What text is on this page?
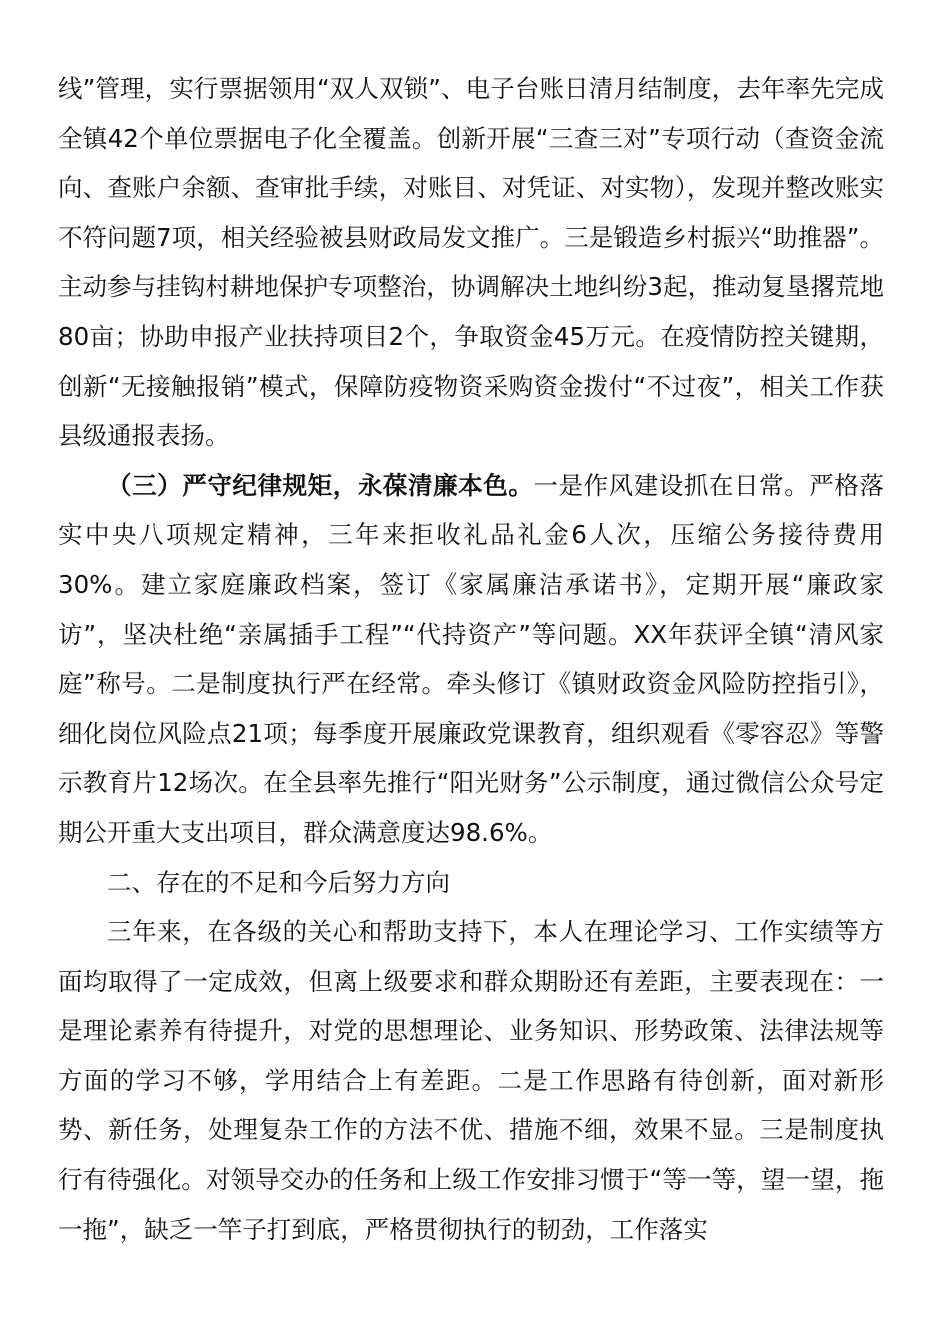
线”管理，实行票据领用“双人双锁”、电子台账日清月结制度，去年率先完成全镇42个单位票据电子化全覆盖。创新开展“三查三对”专项行动（查资金流向、查账户余额、查审批手续，对账目、对凭证、对实物），发现并整改账实不符问题7项，相关经验被县财政局发文推广。三是锻造乡村振兴“助推器”。主动参与挂钩村耕地保护专项整治，协调解决土地纠纷3起，推动复垦撂荒地80亩；协助申报产业扶持项目2个，争取资金45万元。在疫情防控关键期，创新“无接触报销”模式，保障防疫物资采购资金拨付“不过夜”，相关工作获县级通报表扬。

（三）严守纪律规矩，永葆清廉本色。一是作风建设抓在日常。严格落实中央八项规定精神，三年来拒收礼品礼金6人次，压缩公务接待费用30%。建立家庭廉政档案，签订《家属廉洁承诺书》，定期开展“廉政家访”，坚决杜绝“亲属插手工程”“代持资产”等问题。XX年获评全镇“清风家庭”称号。二是制度执行严在经常。牵头修订《镇财政资金风险防控指引》，细化岗位风险点21项；每季度开展廉政党课教育，组织观看《零容忍》等警示教育片12场次。在全县率先推行“阳光财务”公示制度，通过微信公众号定期公开重大支出项目，群众满意度达98.6%。

二、存在的不足和今后努力方向

三年来，在各级的关心和帮助支持下，本人在理论学习、工作实绩等方面均取得了一定成效，但离上级要求和群众期盼还有差距，主要表现在：一是理论素养有待提升，对党的思想理论、业务知识、形势政策、法律法规等方面的学习不够，学用结合上有差距。二是工作思路有待创新，面对新形势、新任务，处理复杂工作的方法不优、措施不细，效果不显。三是制度执行有待强化。对领导交办的任务和上级工作安排习惯于“等一等，望一望，拖一拖”，缺乏一竿子打到底，严格贯彻执行的韧劲，工作落实
